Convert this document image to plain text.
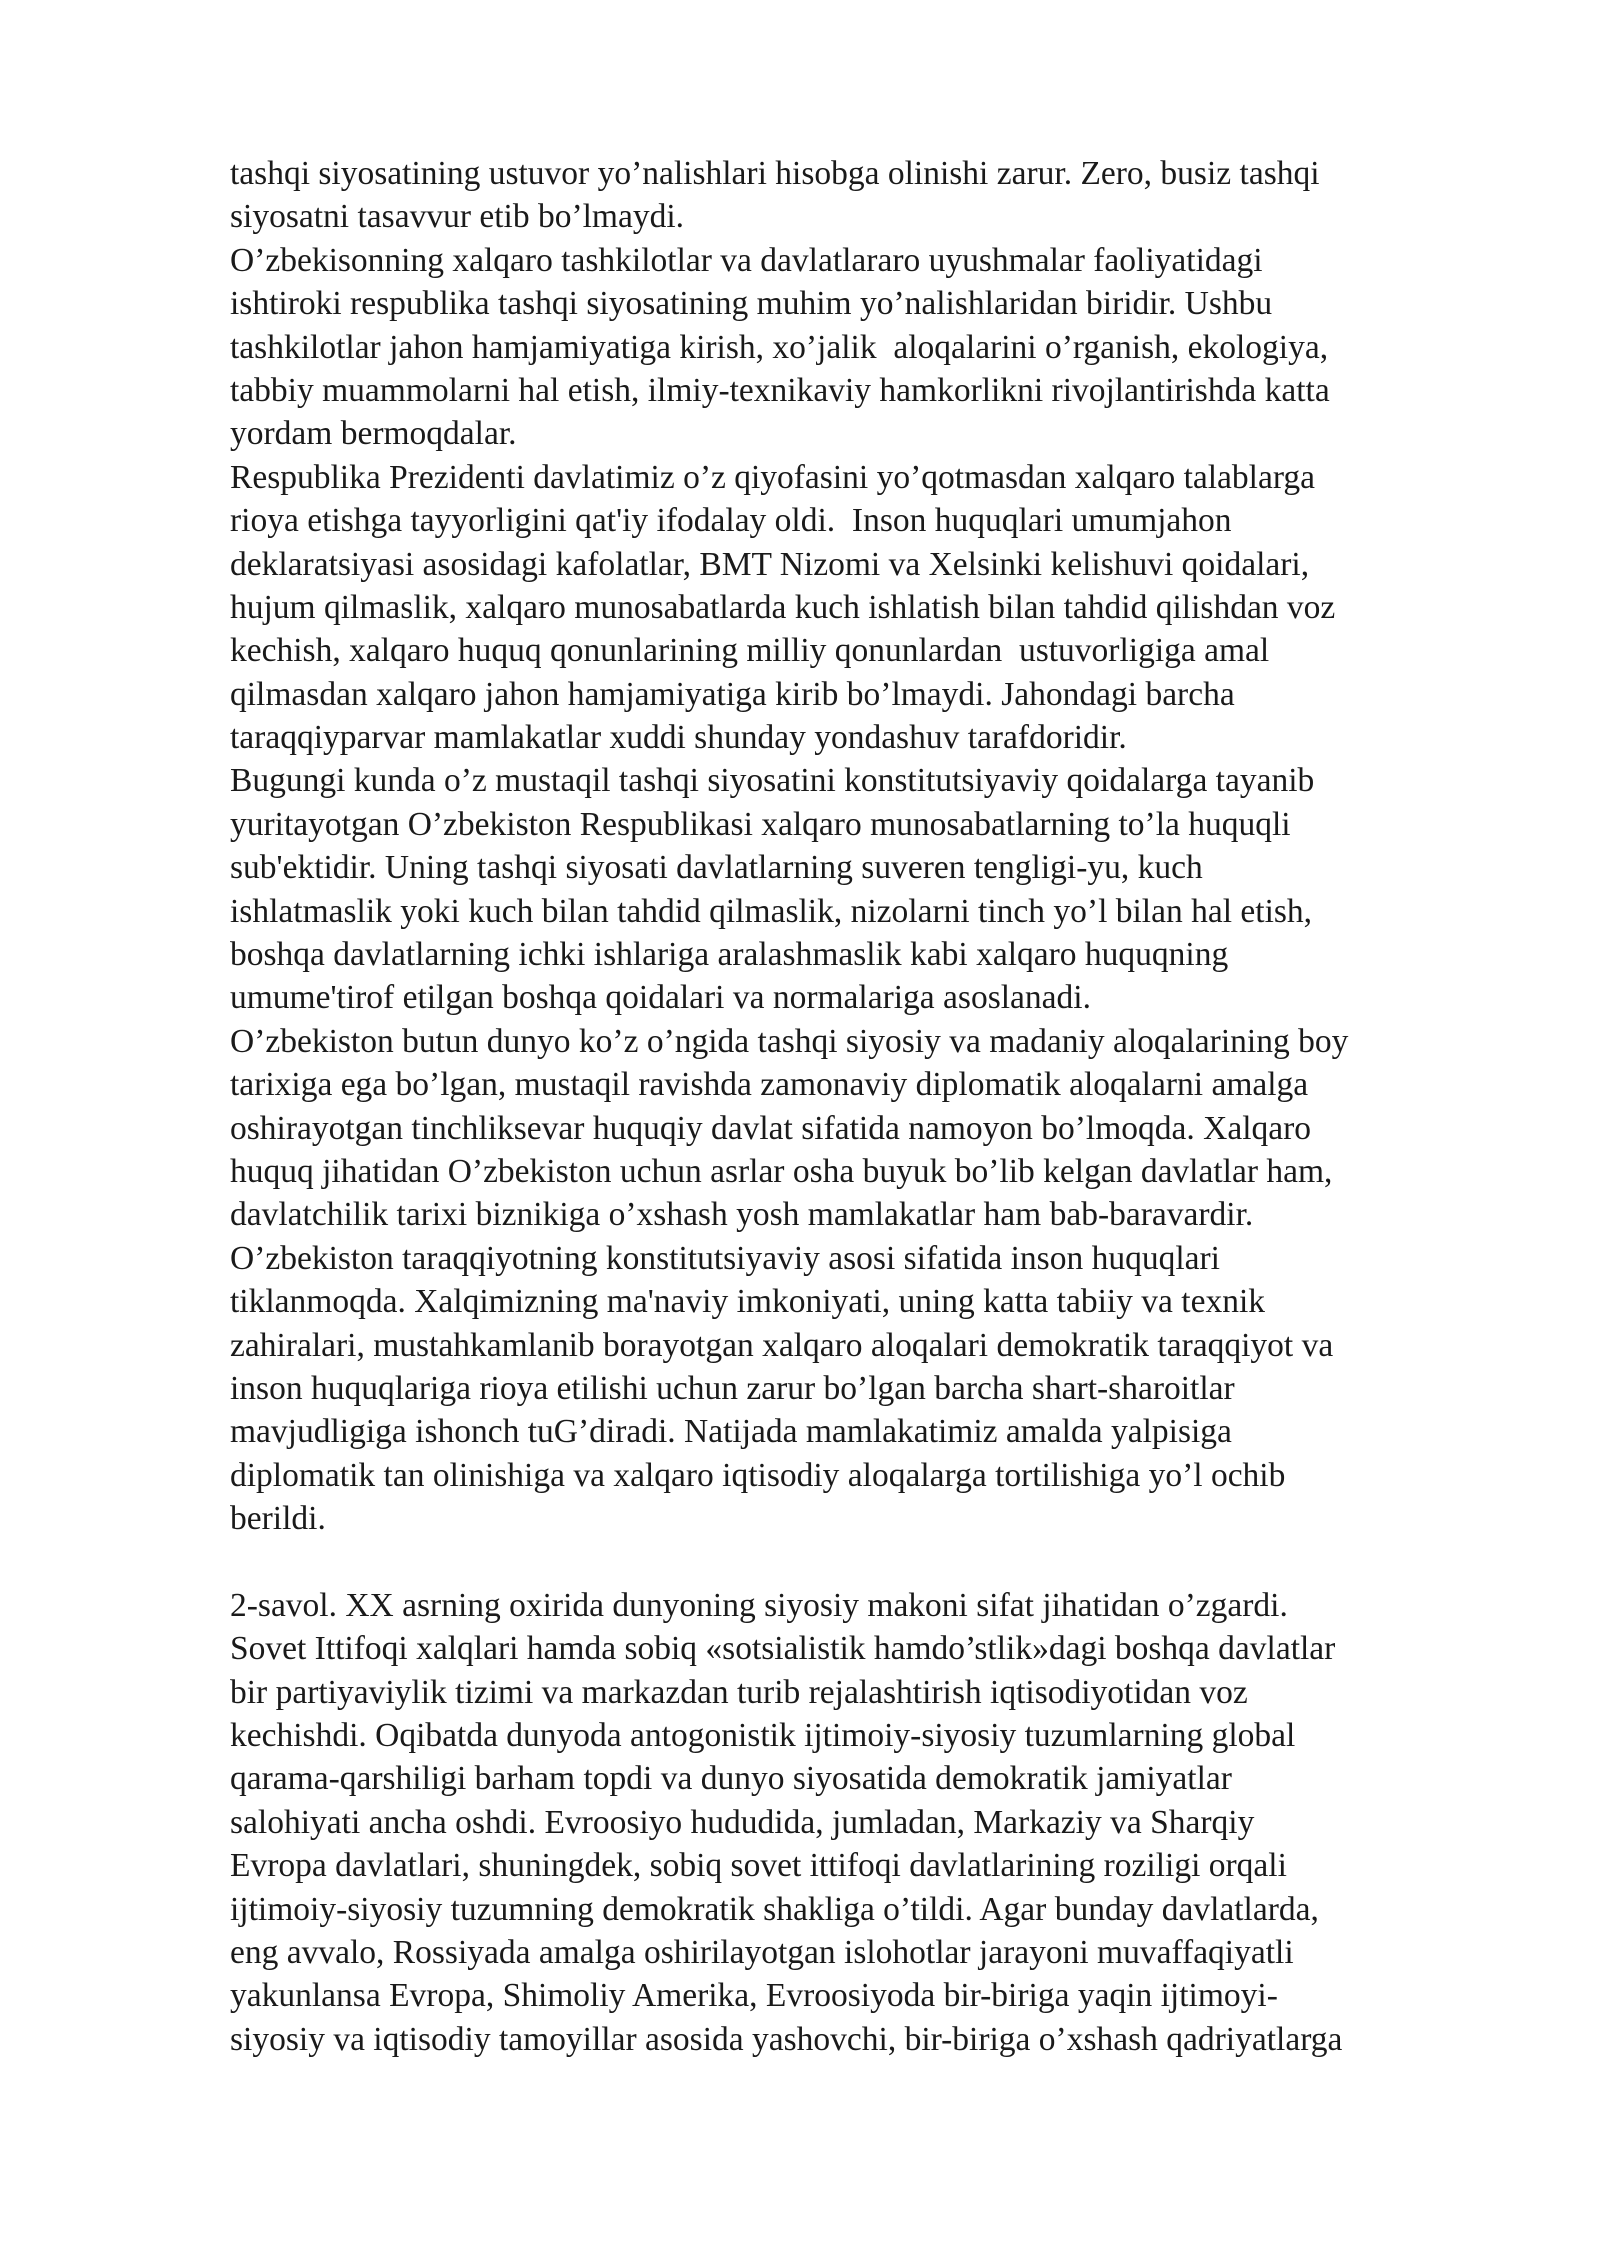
tashqi siyosatining ustuvor yo’nalishlari hisobga olinishi zarur. Zero, busiz tashqi
siyosatni tasavvur etib bo’lmaydi.
O’zbekisonning xalqaro tashkilotlar va davlatlararo uyushmalar faoliyatidagi
ishtiroki respublika tashqi siyosatining muhim yo’nalishlaridan biridir. Ushbu
tashkilotlar jahon hamjamiyatiga kirish, xo’jalik  aloqalarini o’rganish, ekologiya,
tabbiy muammolarni hal etish, ilmiy-texnikaviy hamkorlikni rivojlantirishda katta
yordam bermoqdalar.
Respublika Prezidenti davlatimiz o’z qiyofasini yo’qotmasdan xalqaro talablarga
rioya etishga tayyorligini qat'iy ifodalay oldi.  Inson huquqlari umumjahon
deklaratsiyasi asosidagi kafolatlar, BMT Nizomi va Xelsinki kelishuvi qoidalari,
hujum qilmaslik, xalqaro munosabatlarda kuch ishlatish bilan tahdid qilishdan voz
kechish, xalqaro huquq qonunlarining milliy qonunlardan  ustuvorligiga amal
qilmasdan xalqaro jahon hamjamiyatiga kirib bo’lmaydi. Jahondagi barcha
taraqqiyparvar mamlakatlar xuddi shunday yondashuv tarafdoridir.
Bugungi kunda o’z mustaqil tashqi siyosatini konstitutsiyaviy qoidalarga tayanib
yuritayotgan O’zbekiston Respublikasi xalqaro munosabatlarning to’la huquqli
sub'ektidir. Uning tashqi siyosati davlatlarning suveren tengligi-yu, kuch
ishlatmaslik yoki kuch bilan tahdid qilmaslik, nizolarni tinch yo’l bilan hal etish,
boshqa davlatlarning ichki ishlariga aralashmaslik kabi xalqaro huquqning
umume'tirof etilgan boshqa qoidalari va normalariga asoslanadi.
O’zbekiston butun dunyo ko’z o’ngida tashqi siyosiy va madaniy aloqalarining boy
tarixiga ega bo’lgan, mustaqil ravishda zamonaviy diplomatik aloqalarni amalga
oshirayotgan tinchliksevar huquqiy davlat sifatida namoyon bo’lmoqda. Xalqaro
huquq jihatidan O’zbekiston uchun asrlar osha buyuk bo’lib kelgan davlatlar ham,
davlatchilik tarixi biznikiga o’xshash yosh mamlakatlar ham bab-baravardir.
O’zbekiston taraqqiyotning konstitutsiyaviy asosi sifatida inson huquqlari
tiklanmoqda. Xalqimizning ma'naviy imkoniyati, uning katta tabiiy va texnik
zahiralari, mustahkamlanib borayotgan xalqaro aloqalari demokratik taraqqiyot va
inson huquqlariga rioya etilishi uchun zarur bo’lgan barcha shart-sharoitlar
mavjudligiga ishonch tuG’diradi. Natijada mamlakatimiz amalda yalpisiga
diplomatik tan olinishiga va xalqaro iqtisodiy aloqalarga tortilishiga yo’l ochib
berildi.
2-savol. XX asrning oxirida dunyoning siyosiy makoni sifat jihatidan o’zgardi.
Sovet Ittifoqi xalqlari hamda sobiq «sotsialistik hamdo’stlik»dagi boshqa davlatlar
bir partiyaviylik tizimi va markazdan turib rejalashtirish iqtisodiyotidan voz
kechishdi. Oqibatda dunyoda antogonistik ijtimoiy-siyosiy tuzumlarning global
qarama-qarshiligi barham topdi va dunyo siyosatida demokratik jamiyatlar
salohiyati ancha oshdi. Evroosiyo hududida, jumladan, Markaziy va Sharqiy
Evropa davlatlari, shuningdek, sobiq sovet ittifoqi davlatlarining roziligi orqali
ijtimoiy-siyosiy tuzumning demokratik shakliga o’tildi. Agar bunday davlatlarda,
eng avvalo, Rossiyada amalga oshirilayotgan islohotlar jarayoni muvaffaqiyatli
yakunlansa Evropa, Shimoliy Amerika, Evroosiyoda bir-biriga yaqin ijtimoyi-
siyosiy va iqtisodiy tamoyillar asosida yashovchi, bir-biriga o’xshash qadriyatlarga
